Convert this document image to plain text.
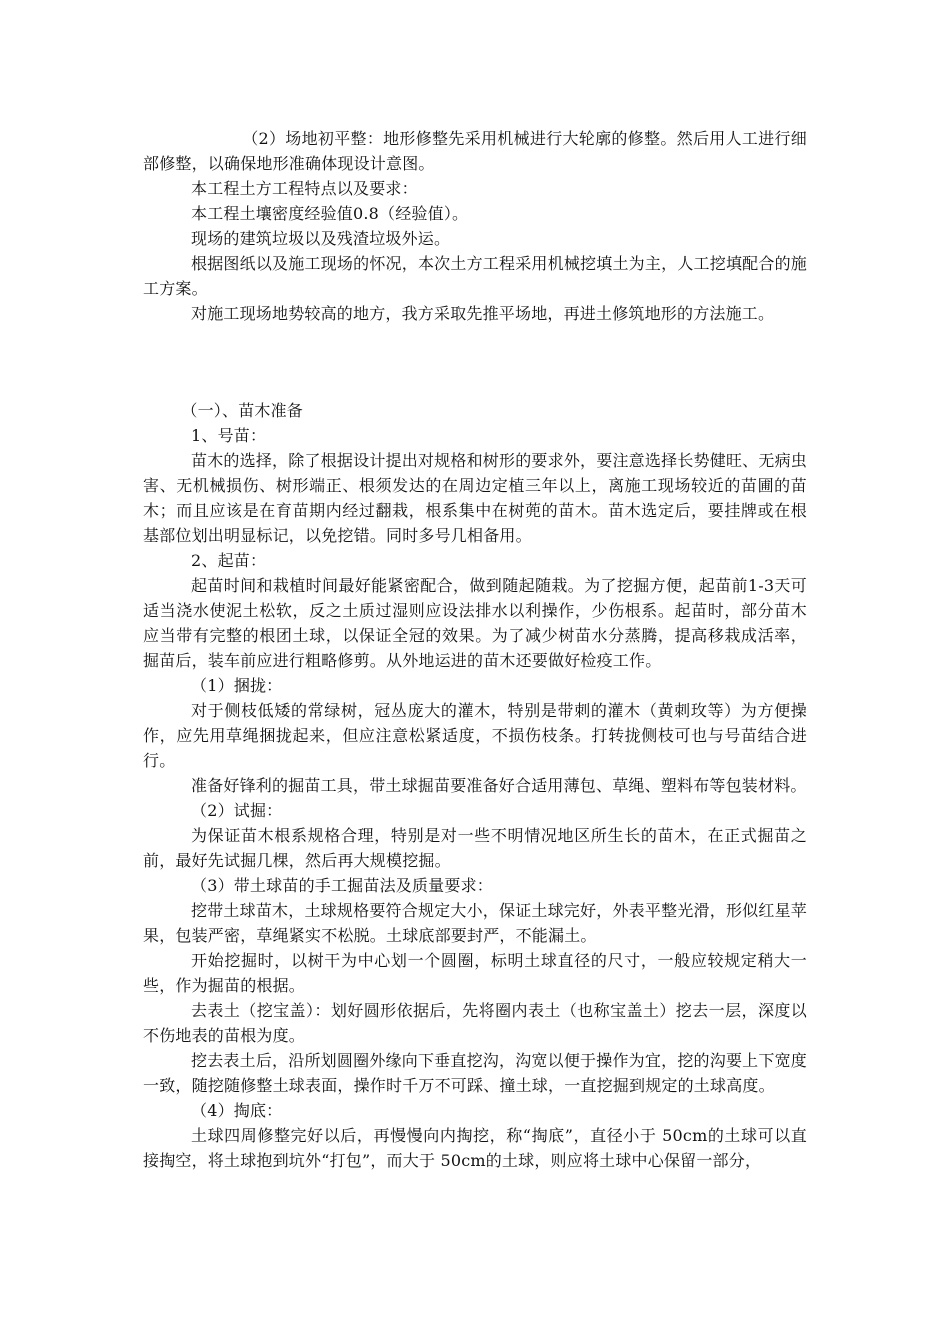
（2）场地初平整：地形修整先采用机械进行大轮廓的修整。然后用人工进行细部修整，以确保地形准确体现设计意图。

本工程土方工程特点以及要求：

本工程土壤密度经验值0.8（经验值）。

现场的建筑垃圾以及残渣垃圾外运。

根据图纸以及施工现场的怀况，本次土方工程采用机械挖填土为主，人工挖填配合的施工方案。

对施工现场地势较高的地方，我方采取先推平场地，再进土修筑地形的方法施工。

（一）、苗木准备

1、号苗：

苗木的选择，除了根据设计提出对规格和树形的要求外，要注意选择长势健旺、无病虫害、无机械损伤、树形端正、根须发达的在周边定植三年以上，离施工现场较近的苗圃的苗木；而且应该是在育苗期内经过翻栽，根系集中在树蔸的苗木。苗木选定后，要挂牌或在根基部位划出明显标记，以免挖错。同时多号几相备用。

2、起苗：

起苗时间和栽植时间最好能紧密配合，做到随起随栽。为了挖掘方便，起苗前1-3天可适当浇水使泥土松软，反之土质过湿则应设法排水以利操作，少伤根系。起苗时，部分苗木应当带有完整的根团土球，以保证全冠的效果。为了减少树苗水分蒸腾，提高移栽成活率，掘苗后，装车前应进行粗略修剪。从外地运进的苗木还要做好检疫工作。

（1）捆拢：

对于侧枝低矮的常绿树，冠丛庞大的灌木，特别是带刺的灌木（黄刺玫等）为方便操作，应先用草绳捆拢起来，但应注意松紧适度，不损伤枝条。打转拢侧枝可也与号苗结合进行。

准备好锋利的掘苗工具，带土球掘苗要准备好合适用薄包、草绳、塑料布等包装材料。

（2）试掘：

为保证苗木根系规格合理，特别是对一些不明情况地区所生长的苗木，在正式掘苗之前，最好先试掘几棵，然后再大规模挖掘。

（3）带土球苗的手工掘苗法及质量要求：

挖带土球苗木，土球规格要符合规定大小，保证土球完好，外表平整光滑，形似红星苹果，包装严密，草绳紧实不松脱。土球底部要封严，不能漏土。

开始挖掘时，以树干为中心划一个圆圈，标明土球直径的尺寸，一般应较规定稍大一些，作为掘苗的根据。

去表土（挖宝盖）：划好圆形依据后，先将圈内表土（也称宝盖土）挖去一层，深度以不伤地表的苗根为度。

挖去表土后，沿所划圆圈外缘向下垂直挖沟，沟宽以便于操作为宜，挖的沟要上下宽度一致，随挖随修整土球表面，操作时千万不可踩、撞土球，一直挖掘到规定的土球高度。

（4）掏底：

土球四周修整完好以后，再慢慢向内掏挖，称“掏底”，直径小于 50cm的土球可以直接掏空，将土球抱到坑外“打包”，而大于 50cm的土球，则应将土球中心保留一部分，
